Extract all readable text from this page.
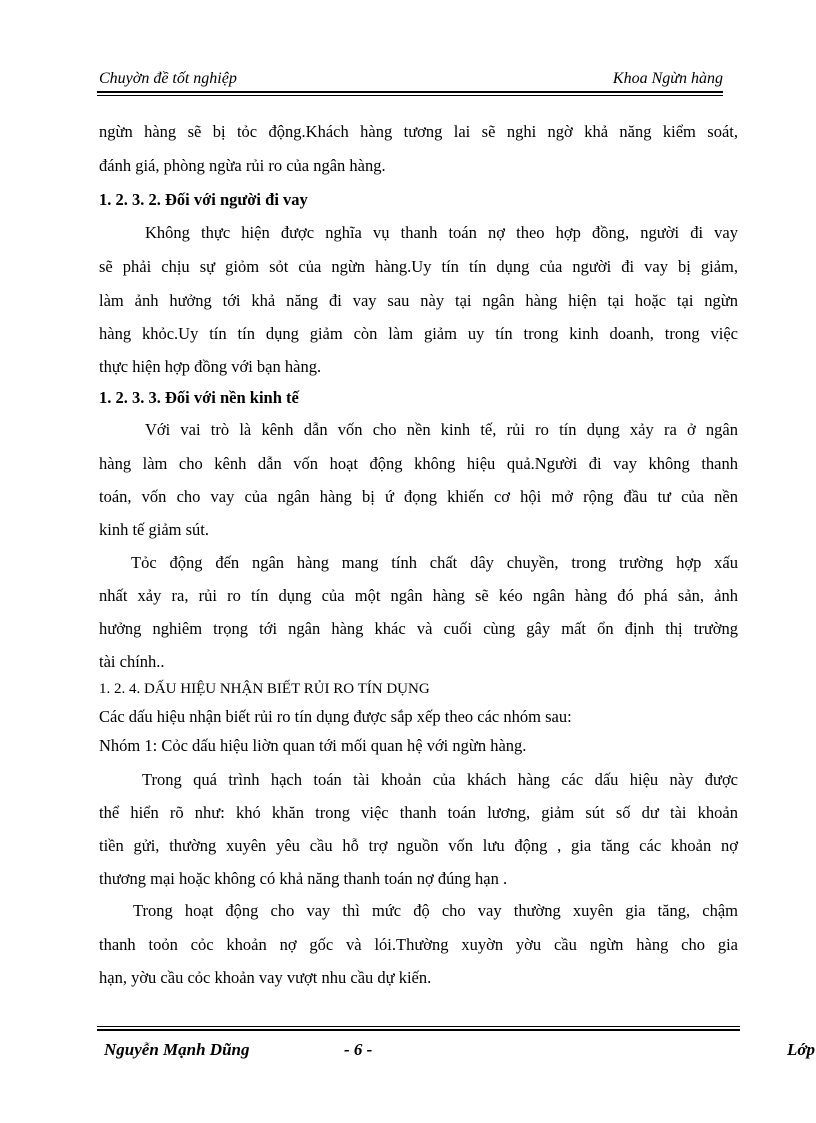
Chuyờn đề tốt nghiệp	Khoa Ngừn hàng
ngừn hàng sẽ bị tỏc động.Khách hàng tương lai sẽ nghi ngờ khả năng kiểm soát,
đánh giá, phòng ngừa rủi ro của ngân hàng.
1. 2. 3. 2. Đối với người đi vay
Không thực hiện được nghĩa vụ thanh toán nợ theo hợp đồng, người đi vay
sẽ phải chịu sự giỏm sỏt của ngừn hàng.Uy tín tín dụng của người đi vay bị giảm,
làm ảnh hưởng tới khả năng đi vay sau này tại ngân hàng hiện tại hoặc tại ngừn
hàng khỏc.Uy tín tín dụng giảm còn làm giảm uy tín trong kinh doanh, trong việc
thực hiện hợp đồng với bạn hàng.
1. 2. 3. 3. Đối với nền kinh tế
Với vai trò là kênh dẫn vốn cho nền kinh tế, rủi ro tín dụng xảy ra ở ngân
hàng làm cho kênh dẫn vốn hoạt động không hiệu quả.Người đi vay không thanh
toán, vốn cho vay của ngân hàng bị ứ đọng khiến cơ hội mở rộng đầu tư của nền
kinh tế giảm sút.
Tỏc động đến ngân hàng mang tính chất dây chuyền, trong trường hợp xấu
nhất xảy ra, rủi ro tín dụng của một ngân hàng sẽ kéo ngân hàng đó phá sản, ảnh
hưởng nghiêm trọng tới ngân hàng khác và cuối cùng gây mất ổn định thị trường
tài chính..
1. 2. 4. DẤU HIỆU NHẬN BIẾT RỦI RO TÍN DỤNG
Các dấu hiệu nhận biết rủi ro tín dụng được sắp xếp theo các nhóm sau:
Nhóm 1: Cỏc dấu hiệu liờn quan tới mối quan hệ với ngừn hàng.
Trong quá trình hạch toán tài khoản của khách hàng các dấu hiệu này được
thể hiển rõ như: khó khăn trong việc thanh toán lương, giảm sút số dư tài khoản
tiền gửi, thường xuyên yêu cầu hỗ trợ nguồn vốn lưu động , gia tăng các khoản nợ
thương mại hoặc không có khả năng thanh toán nợ đúng hạn .
Trong hoạt động cho vay thì mức độ cho vay thường xuyên gia tăng, chậm
thanh toỏn cỏc khoản nợ gốc và lói.Thường xuyờn yờu cầu ngừn hàng cho gia
hạn, yờu cầu cỏc khoản vay vượt nhu cầu dự kiến.
Nguyễn Mạnh Dũng	- 6 -	Lớp
